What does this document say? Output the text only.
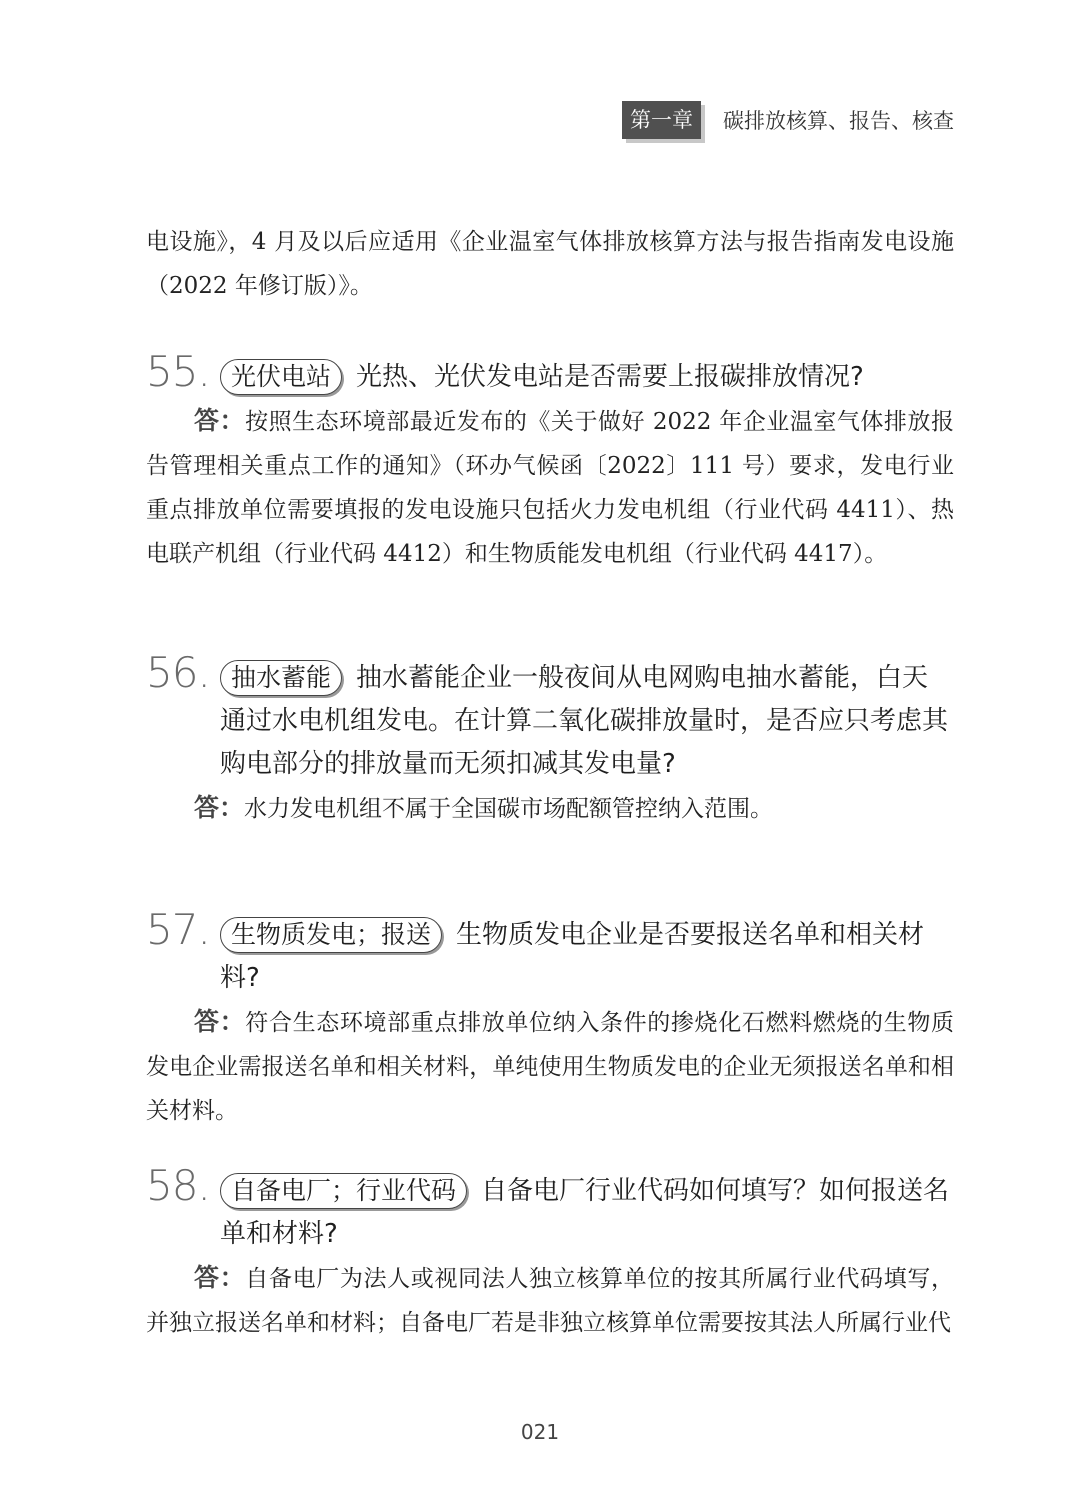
第一章	碳排放核算、报告、核查

电设施》，4 月及以后应适用《企业温室气体排放核算方法与报告指南发电设施（2022 年修订版）》。

55. 光伏电站 光热、光伏发电站是否需要上报碳排放情况?

答：按照生态环境部最近发布的《关于做好 2022 年企业温室气体排放报告管理相关重点工作的通知》（环办气候函〔2022〕111 号）要求，发电行业重点排放单位需要填报的发电设施只包括火力发电机组（行业代码 4411）、热电联产机组（行业代码 4412）和生物质能发电机组（行业代码 4417）。

56. 抽水蓄能 抽水蓄能企业一般夜间从电网购电抽水蓄能，白天通过水电机组发电。在计算二氧化碳排放量时，是否应只考虑其购电部分的排放量而无须扣减其发电量?

答：水力发电机组不属于全国碳市场配额管控纳入范围。

57. 生物质发电；报送 生物质发电企业是否要报送名单和相关材料?

答：符合生态环境部重点排放单位纳入条件的掺烧化石燃料燃烧的生物质发电企业需报送名单和相关材料，单纯使用生物质发电的企业无须报送名单和相关材料。

58. 自备电厂；行业代码 自备电厂行业代码如何填写？如何报送名单和材料?

答：自备电厂为法人或视同法人独立核算单位的按其所属行业代码填写，并独立报送名单和材料；自备电厂若是非独立核算单位需要按其法人所属行业代

021
